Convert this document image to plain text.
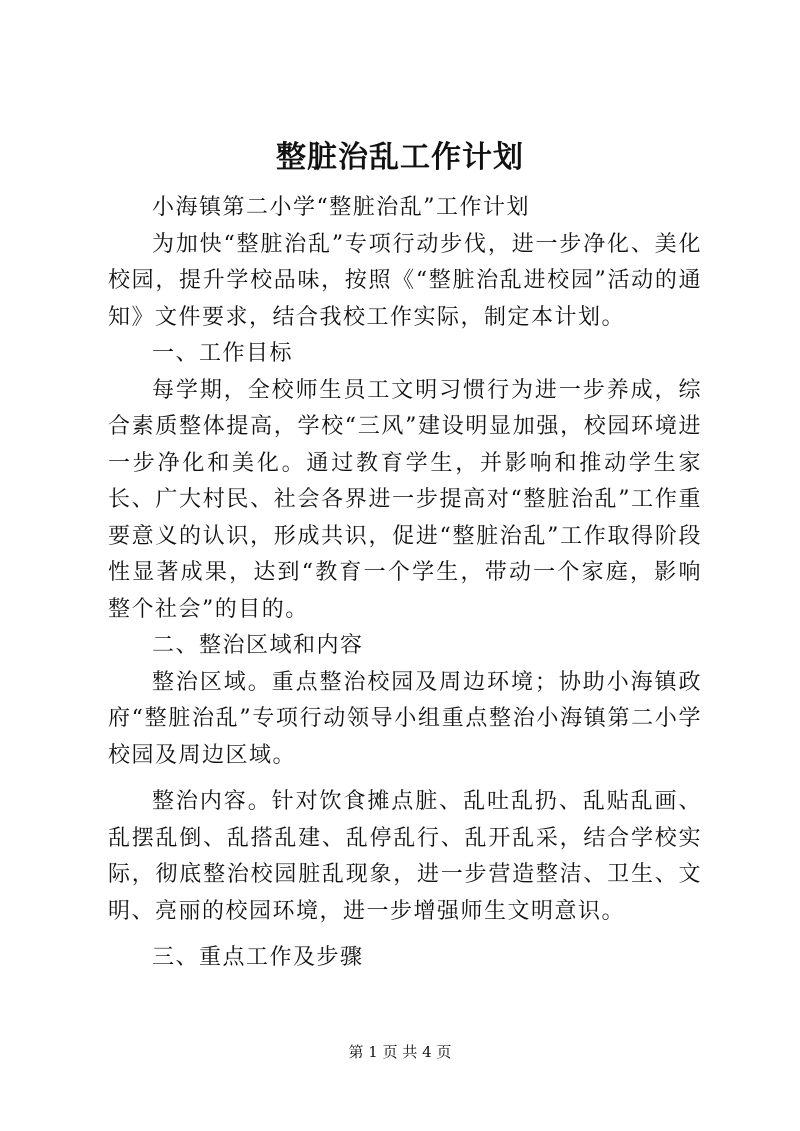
整脏治乱工作计划

小海镇第二小学“整脏治乱”工作计划

为加快“整脏治乱”专项行动步伐，进一步净化、美化校园，提升学校品味，按照《“整脏治乱进校园”活动的通知》文件要求，结合我校工作实际，制定本计划。

一、工作目标

每学期，全校师生员工文明习惯行为进一步养成，综合素质整体提高，学校“三风”建设明显加强，校园环境进一步净化和美化。通过教育学生，并影响和推动学生家长、广大村民、社会各界进一步提高对“整脏治乱”工作重要意义的认识，形成共识，促进“整脏治乱”工作取得阶段性显著成果，达到“教育一个学生，带动一个家庭，影响整个社会”的目的。

二、整治区域和内容

整治区域。重点整治校园及周边环境；协助小海镇政府“整脏治乱”专项行动领导小组重点整治小海镇第二小学校园及周边区域。

整治内容。针对饮食摊点脏、乱吐乱扔、乱贴乱画、乱摆乱倒、乱搭乱建、乱停乱行、乱开乱采，结合学校实际，彻底整治校园脏乱现象，进一步营造整洁、卫生、文明、亮丽的校园环境，进一步增强师生文明意识。

三、重点工作及步骤

第 1 页 共 4 页
